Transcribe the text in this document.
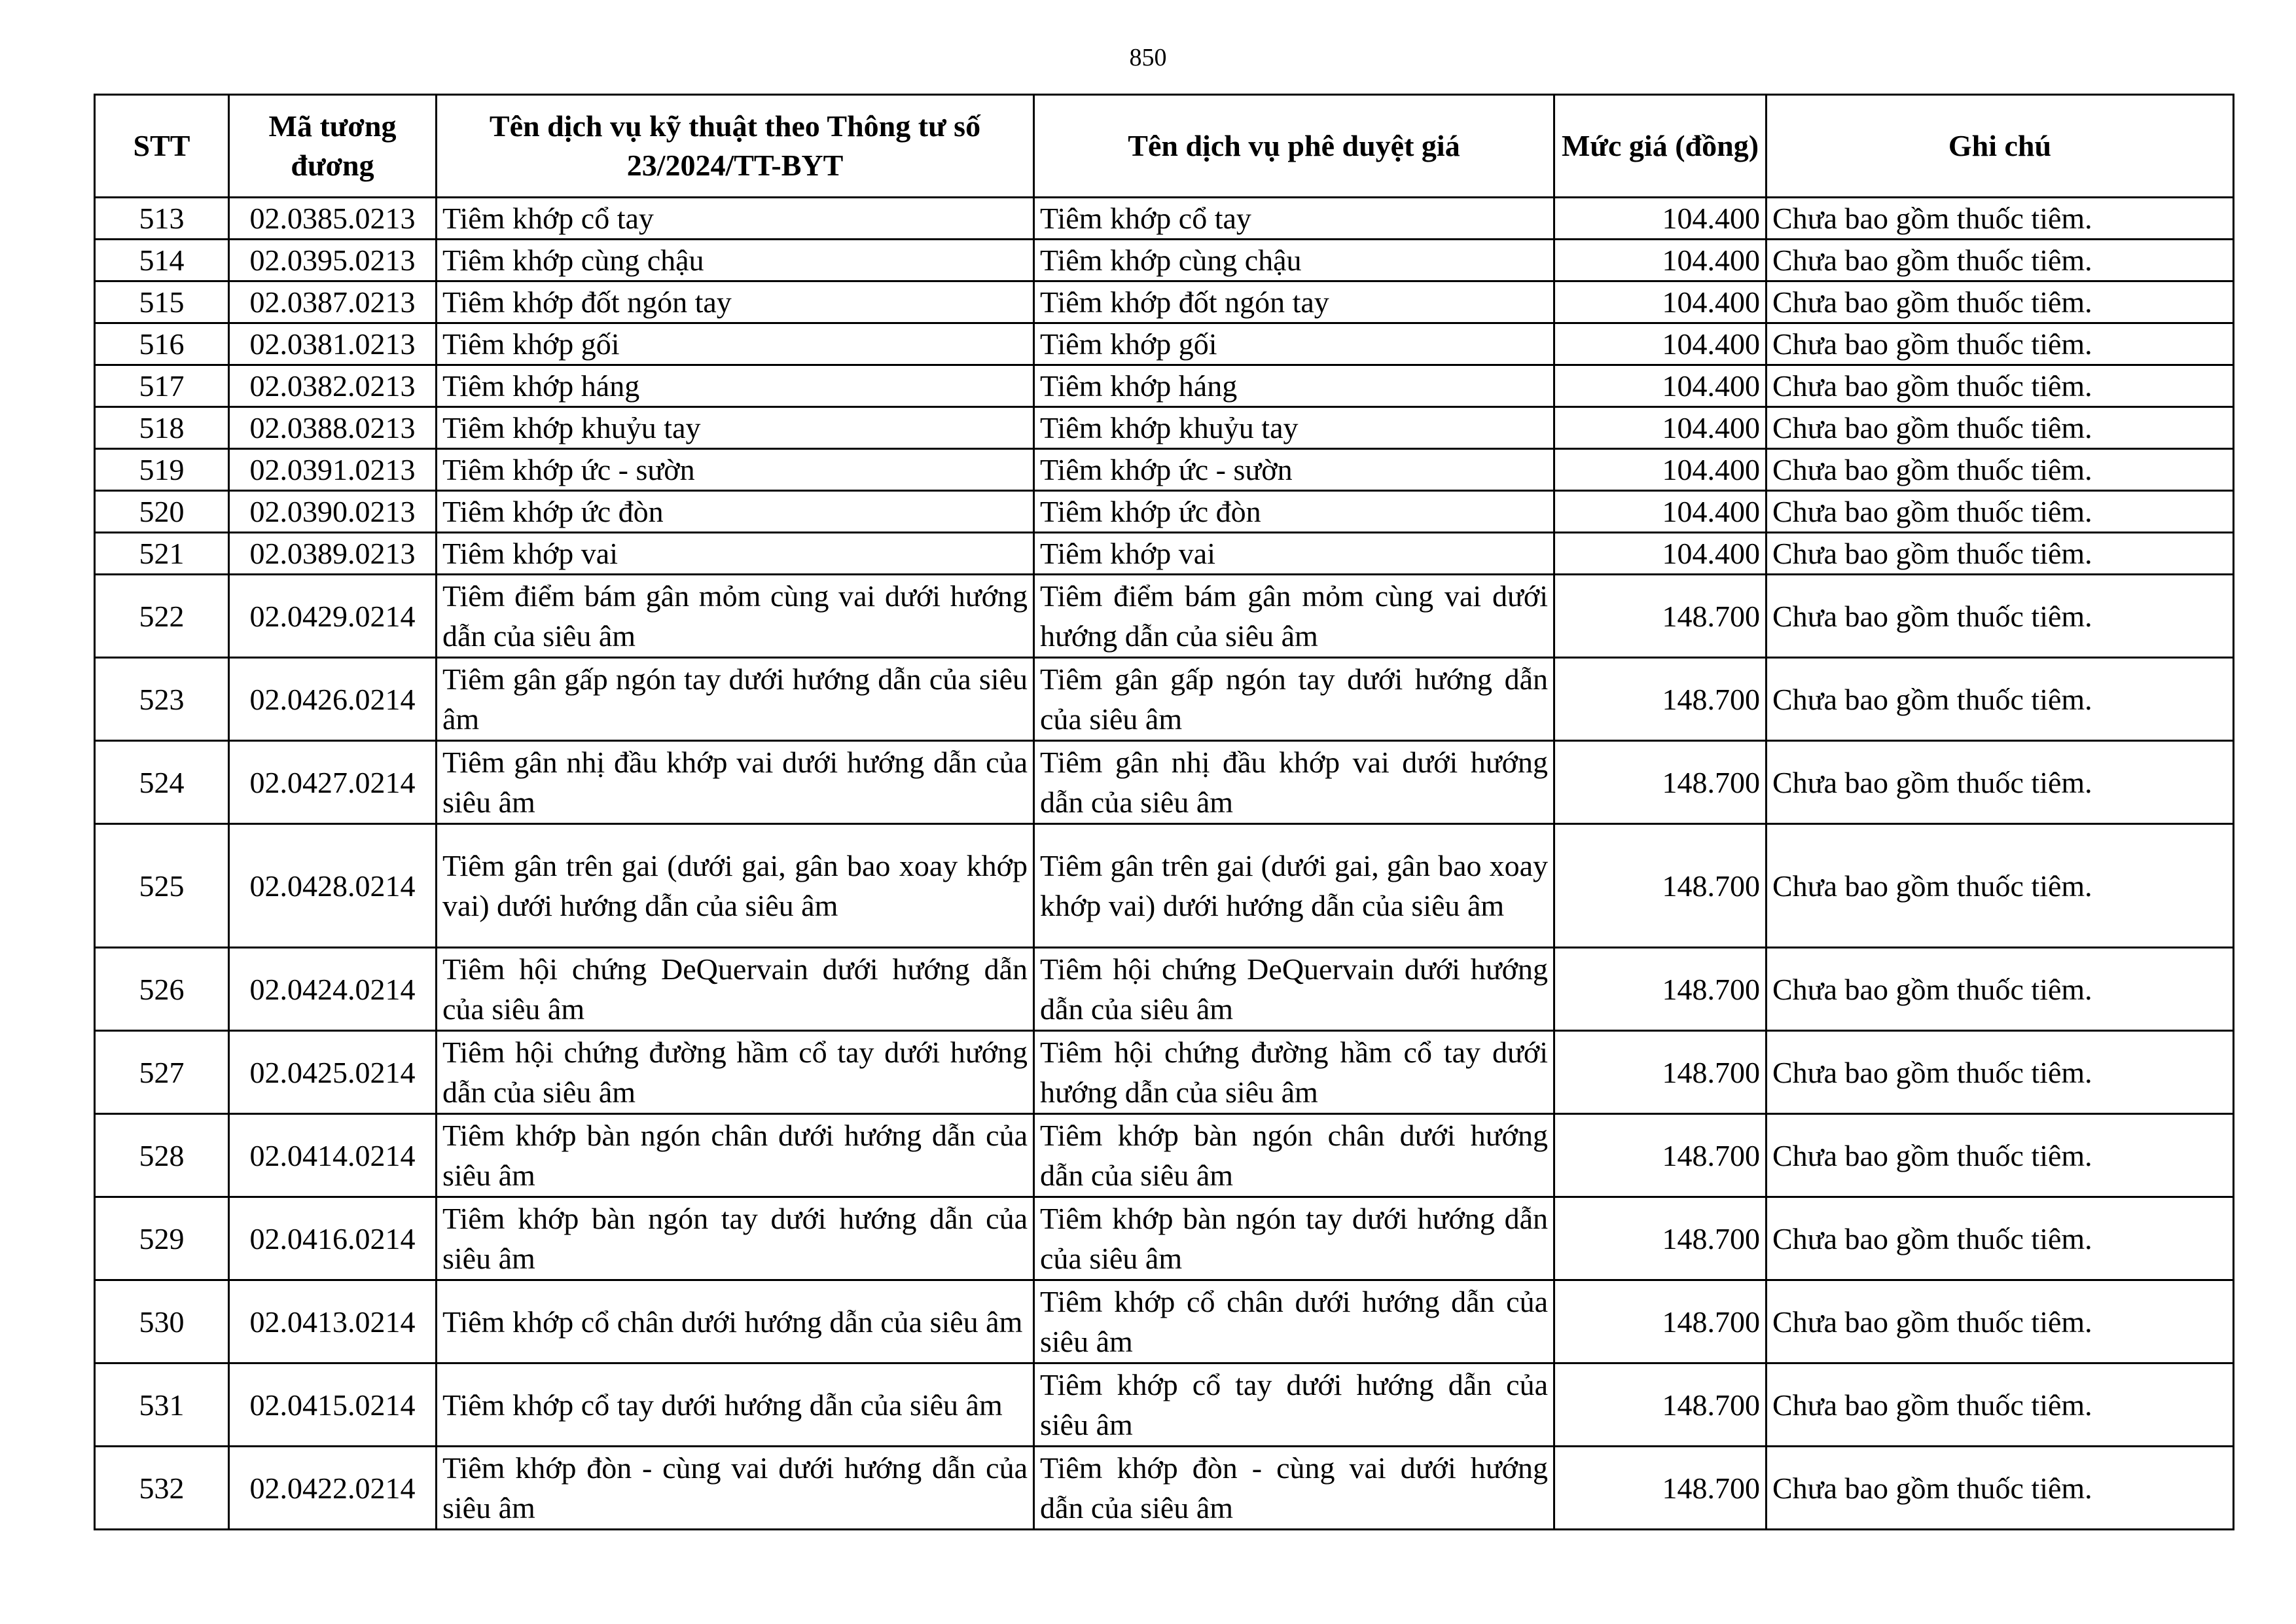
850
STT	Mã tương đương	Tên dịch vụ kỹ thuật theo Thông tư số 23/2024/TT-BYT	Tên dịch vụ phê duyệt giá	Mức giá (đồng)	Ghi chú
513	02.0385.0213	Tiêm khớp cổ tay	Tiêm khớp cổ tay	104.400	Chưa bao gồm thuốc tiêm.
514	02.0395.0213	Tiêm khớp cùng chậu	Tiêm khớp cùng chậu	104.400	Chưa bao gồm thuốc tiêm.
515	02.0387.0213	Tiêm khớp đốt ngón tay	Tiêm khớp đốt ngón tay	104.400	Chưa bao gồm thuốc tiêm.
516	02.0381.0213	Tiêm khớp gối	Tiêm khớp gối	104.400	Chưa bao gồm thuốc tiêm.
517	02.0382.0213	Tiêm khớp háng	Tiêm khớp háng	104.400	Chưa bao gồm thuốc tiêm.
518	02.0388.0213	Tiêm khớp khuỷu tay	Tiêm khớp khuỷu tay	104.400	Chưa bao gồm thuốc tiêm.
519	02.0391.0213	Tiêm khớp ức - sườn	Tiêm khớp ức - sườn	104.400	Chưa bao gồm thuốc tiêm.
520	02.0390.0213	Tiêm khớp ức đòn	Tiêm khớp ức đòn	104.400	Chưa bao gồm thuốc tiêm.
521	02.0389.0213	Tiêm khớp vai	Tiêm khớp vai	104.400	Chưa bao gồm thuốc tiêm.
522	02.0429.0214	Tiêm điểm bám gân mỏm cùng vai dưới hướng dẫn của siêu âm	Tiêm điểm bám gân mỏm cùng vai dưới hướng dẫn của siêu âm	148.700	Chưa bao gồm thuốc tiêm.
523	02.0426.0214	Tiêm gân gấp ngón tay dưới hướng dẫn của siêu âm	Tiêm gân gấp ngón tay dưới hướng dẫn của siêu âm	148.700	Chưa bao gồm thuốc tiêm.
524	02.0427.0214	Tiêm gân nhị đầu khớp vai dưới hướng dẫn của siêu âm	Tiêm gân nhị đầu khớp vai dưới hướng dẫn của siêu âm	148.700	Chưa bao gồm thuốc tiêm.
525	02.0428.0214	Tiêm gân trên gai (dưới gai, gân bao xoay khớp vai) dưới hướng dẫn của siêu âm	Tiêm gân trên gai (dưới gai, gân bao xoay khớp vai) dưới hướng dẫn của siêu âm	148.700	Chưa bao gồm thuốc tiêm.
526	02.0424.0214	Tiêm hội chứng DeQuervain dưới hướng dẫn của siêu âm	Tiêm hội chứng DeQuervain dưới hướng dẫn của siêu âm	148.700	Chưa bao gồm thuốc tiêm.
527	02.0425.0214	Tiêm hội chứng đường hầm cổ tay dưới hướng dẫn của siêu âm	Tiêm hội chứng đường hầm cổ tay dưới hướng dẫn của siêu âm	148.700	Chưa bao gồm thuốc tiêm.
528	02.0414.0214	Tiêm khớp bàn ngón chân dưới hướng dẫn của siêu âm	Tiêm khớp bàn ngón chân dưới hướng dẫn của siêu âm	148.700	Chưa bao gồm thuốc tiêm.
529	02.0416.0214	Tiêm khớp bàn ngón tay dưới hướng dẫn của siêu âm	Tiêm khớp bàn ngón tay dưới hướng dẫn của siêu âm	148.700	Chưa bao gồm thuốc tiêm.
530	02.0413.0214	Tiêm khớp cổ chân dưới hướng dẫn của siêu âm	Tiêm khớp cổ chân dưới hướng dẫn của siêu âm	148.700	Chưa bao gồm thuốc tiêm.
531	02.0415.0214	Tiêm khớp cổ tay dưới hướng dẫn của siêu âm	Tiêm khớp cổ tay dưới hướng dẫn của siêu âm	148.700	Chưa bao gồm thuốc tiêm.
532	02.0422.0214	Tiêm khớp đòn - cùng vai dưới hướng dẫn của siêu âm	Tiêm khớp đòn - cùng vai dưới hướng dẫn của siêu âm	148.700	Chưa bao gồm thuốc tiêm.
